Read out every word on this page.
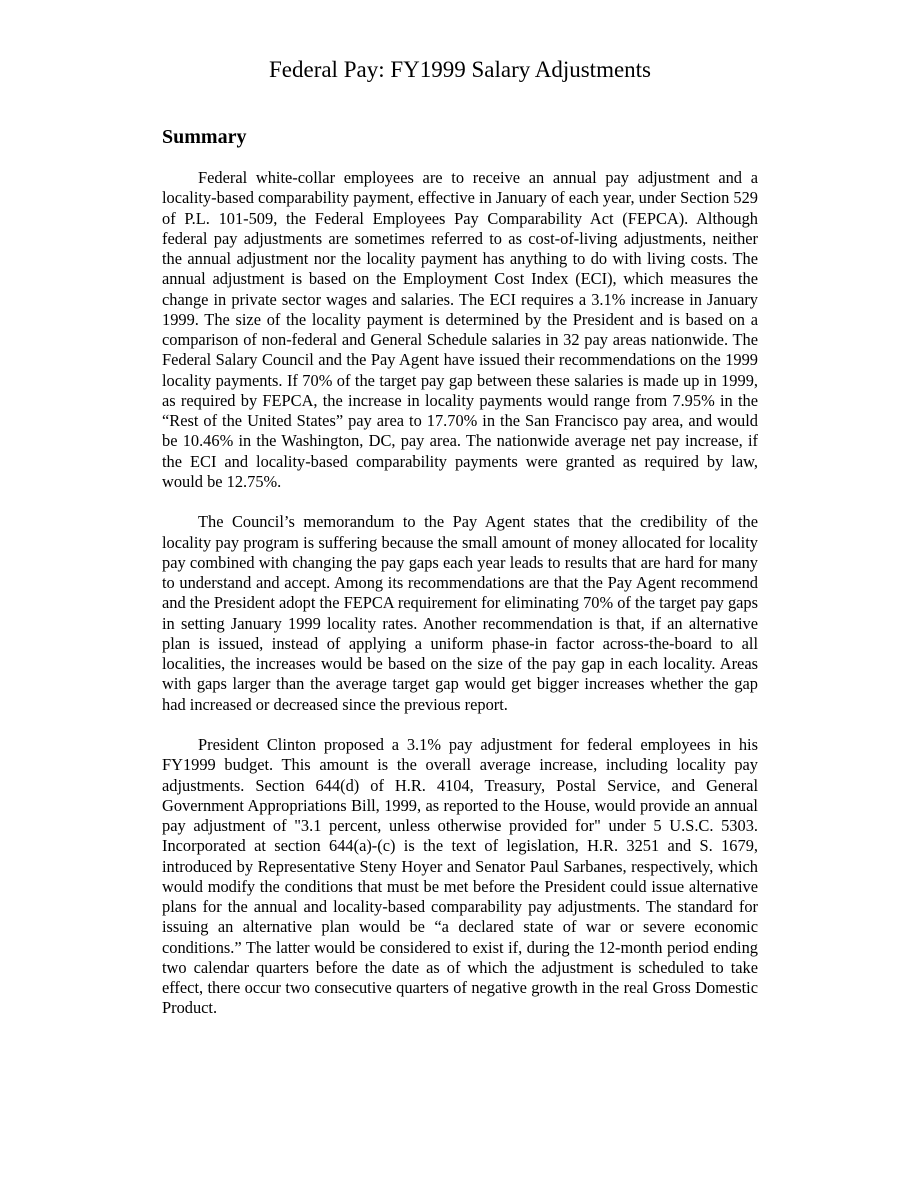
Federal Pay: FY1999 Salary Adjustments
Summary

Federal white-collar employees are to receive an annual pay adjustment and a locality-based comparability payment, effective in January of each year, under Section 529 of P.L. 101-509, the Federal Employees Pay Comparability Act (FEPCA). Although federal pay adjustments are sometimes referred to as cost-of-living adjustments, neither the annual adjustment nor the locality payment has anything to do with living costs. The annual adjustment is based on the Employment Cost Index (ECI), which measures the change in private sector wages and salaries. The ECI requires a 3.1% increase in January 1999. The size of the locality payment is determined by the President and is based on a comparison of non-federal and General Schedule salaries in 32 pay areas nationwide. The Federal Salary Council and the Pay Agent have issued their recommendations on the 1999 locality payments. If 70% of the target pay gap between these salaries is made up in 1999, as required by FEPCA, the increase in locality payments would range from 7.95% in the “Rest of the United States” pay area to 17.70% in the San Francisco pay area, and would be 10.46% in the Washington, DC, pay area. The nationwide average net pay increase, if the ECI and locality-based comparability payments were granted as required by law, would be 12.75%.

The Council’s memorandum to the Pay Agent states that the credibility of the locality pay program is suffering because the small amount of money allocated for locality pay combined with changing the pay gaps each year leads to results that are hard for many to understand and accept. Among its recommendations are that the Pay Agent recommend and the President adopt the FEPCA requirement for eliminating 70% of the target pay gaps in setting January 1999 locality rates. Another recommendation is that, if an alternative plan is issued, instead of applying a uniform phase-in factor across-the-board to all localities, the increases would be based on the size of the pay gap in each locality. Areas with gaps larger than the average target gap would get bigger increases whether the gap had increased or decreased since the previous report.

President Clinton proposed a 3.1% pay adjustment for federal employees in his FY1999 budget. This amount is the overall average increase, including locality pay adjustments. Section 644(d) of H.R. 4104, Treasury, Postal Service, and General Government Appropriations Bill, 1999, as reported to the House, would provide an annual pay adjustment of "3.1 percent, unless otherwise provided for" under 5 U.S.C. 5303. Incorporated at section 644(a)-(c) is the text of legislation, H.R. 3251 and S. 1679, introduced by Representative Steny Hoyer and Senator Paul Sarbanes, respectively, which would modify the conditions that must be met before the President could issue alternative plans for the annual and locality-based comparability pay adjustments. The standard for issuing an alternative plan would be “a declared state of war or severe economic conditions.” The latter would be considered to exist if, during the 12-month period ending two calendar quarters before the date as of which the adjustment is scheduled to take effect, there occur two consecutive quarters of negative growth in the real Gross Domestic Product.
